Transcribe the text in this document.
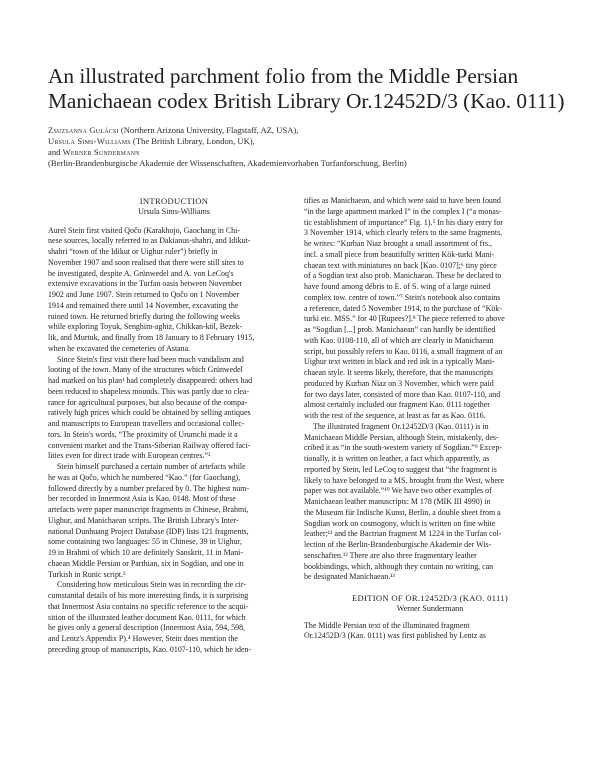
An illustrated parchment folio from the Middle Persian
Manichaean codex British Library Or.12452D/3 (Kao. 0111)
Zsuzsanna Gulácsi (Northern Arizona University, Flagstaff, AZ, USA),
Ursula Sims-Williams (The British Library, London, UK),
and Werner Sundermann
(Berlin-Brandenburgische Akademie der Wissenschaften, Akademienvorhaben Turfanforschung, Berlin)
INTRODUCTION
Ursula Sims-Williams
Aurel Stein first visited Qočo (Karakhojo, Gaochang in Chi-
nese sources, locally referred to as Dakianus-shahri, and Idikut-
shahri “town of the Idikut or Uighur ruler”) briefly in
November 1907 and soon realised that there were still sites to
be investigated, despite A. Grünwedel and A. von LeCoq's
extensive excavations in the Turfan oasis between November
1902 and June 1907. Stein returned to Qočo on 1 November
1914 and remained there until 14 November, excavating the
ruined town. He returned briefly during the following weeks
while exploring Toyuk, Senghim-aghiz, Chikkan-köl, Bezek-
lik, and Murtuk, and finally from 18 January to 8 February 1915,
when he excavated the cemeteries of Astana.
Since Stein's first visit there had been much vandalism and
looting of the town. Many of the structures which Grünwedel
had marked on his plan¹ had completely disappeared: others had
been reduced to shapeless mounds. This was partly due to clea-
rance for agricultural purposes, but also because of the compa-
ratively high prices which could be obtained by selling antiques
and manuscripts to European travellers and occasional collec-
tors. In Stein's words, “The proximity of Urumchi made it a
convenient market and the Trans-Siberian Railway offered faci-
lities even for direct trade with European centres.”²
Stein himself purchased a certain number of artefacts while
he was at Qočo, which he numbered “Kao.” (for Gaochang),
followed directly by a number prefaced by 0. The highest num-
ber recorded in Innermost Asia is Kao. 0148. Most of these
artefacts were paper manuscript fragments in Chinese, Brahmi,
Uighur, and Manichaean scripts. The British Library's Inter-
national Dunhuang Project Database (IDP) lists 121 fragments,
some containing two languages: 55 in Chinese, 39 in Uighur,
19 in Brahmi of which 10 are definitely Sanskrit, 11 in Mani-
chaean Middle Persian or Parthian, six in Sogdian, and one in
Turkish in Runic script.³
Considering how meticulous Stein was in recording the cir-
cumstantial details of his more interesting finds, it is surprising
that Innermost Asia contains no specific reference to the acqui-
sition of the illustrated leather document Kao. 0111, for which
he gives only a general description (Innermost Asia, 594, 598,
and Lentz's Appendix P).⁴ However, Stein does mention the
preceding group of manuscripts, Kao. 0107-110, which he iden-
tifies as Manichaean, and which were said to have been found
“in the large apartment marked I” in the complex I (“a monas-
tic establishment of importance” Fig. 1).⁵ In his diary entry for
3 November 1914, which clearly refers to the same fragments,
he writes: “Kurban Niaz brought a small assortment of frs.,
incl. a small piece from beautifully written Kök-turki Mani-
chaean text with miniatures on back [Kao. 0107];⁶ tiny piece
of a Sogdian text also prob. Manichaean. These he declared to
have found among débris to E. of S. wing of a large ruined
complex tow. centre of town.”⁷ Stein's notebook also contains
a reference, dated 5 November 1914, to the purchase of “Kök-
turki etc. MSS.” for 40 [Rupees?].⁸ The piece referred to above
as “Sogdian [...] prob. Manichaean” can hardly be identified
with Kao. 0108-110, all of which are clearly in Manichaean
script, but possibly refers to Kao. 0116, a small fragment of an
Uighur text written in black and red ink in a typically Mani-
chaean style. It seems likely, therefore, that the manuscripts
produced by Kurban Niaz on 3 November, which were paid
for two days later, consisted of more than Kao. 0107-110, and
almost certainly included our fragment Kao. 0111 together
with the rest of the sequence, at least as far as Kao. 0116.
The illustrated fragment Or.12452D/3 (Kao. 0111) is in
Manichaean Middle Persian, although Stein, mistakenly, des-
cribed it as “in the south-western variety of Sogdian.”⁹ Excep-
tionally, it is written on leather, a fact which apparently, as
reported by Stein, led LeCoq to suggest that “the fragment is
likely to have belonged to a MS. brought from the West, where
paper was not available.”¹⁰ We have two other examples of
Manichaean leather manuscripts: M 178 (MIK III 4990) in
the Museum für Indische Kunst, Berlin, a double sheet from a
Sogdian work on cosmogony, which is written on fine white
leather;¹¹ and the Bactrian fragment M 1224 in the Turfan col-
lection of the Berlin-Brandenburgische Akademie der Wis-
senschaften.¹² There are also three fragmentary leather
bookbindings, which, although they contain no writing, can
be designated Manichaean.¹³
EDITION OF OR.12452D/3 (KAO. 0111)
Werner Sundermann
The Middle Persian text of the illuminated fragment
Or.12452D/3 (Kao. 0111) was first published by Lentz as
